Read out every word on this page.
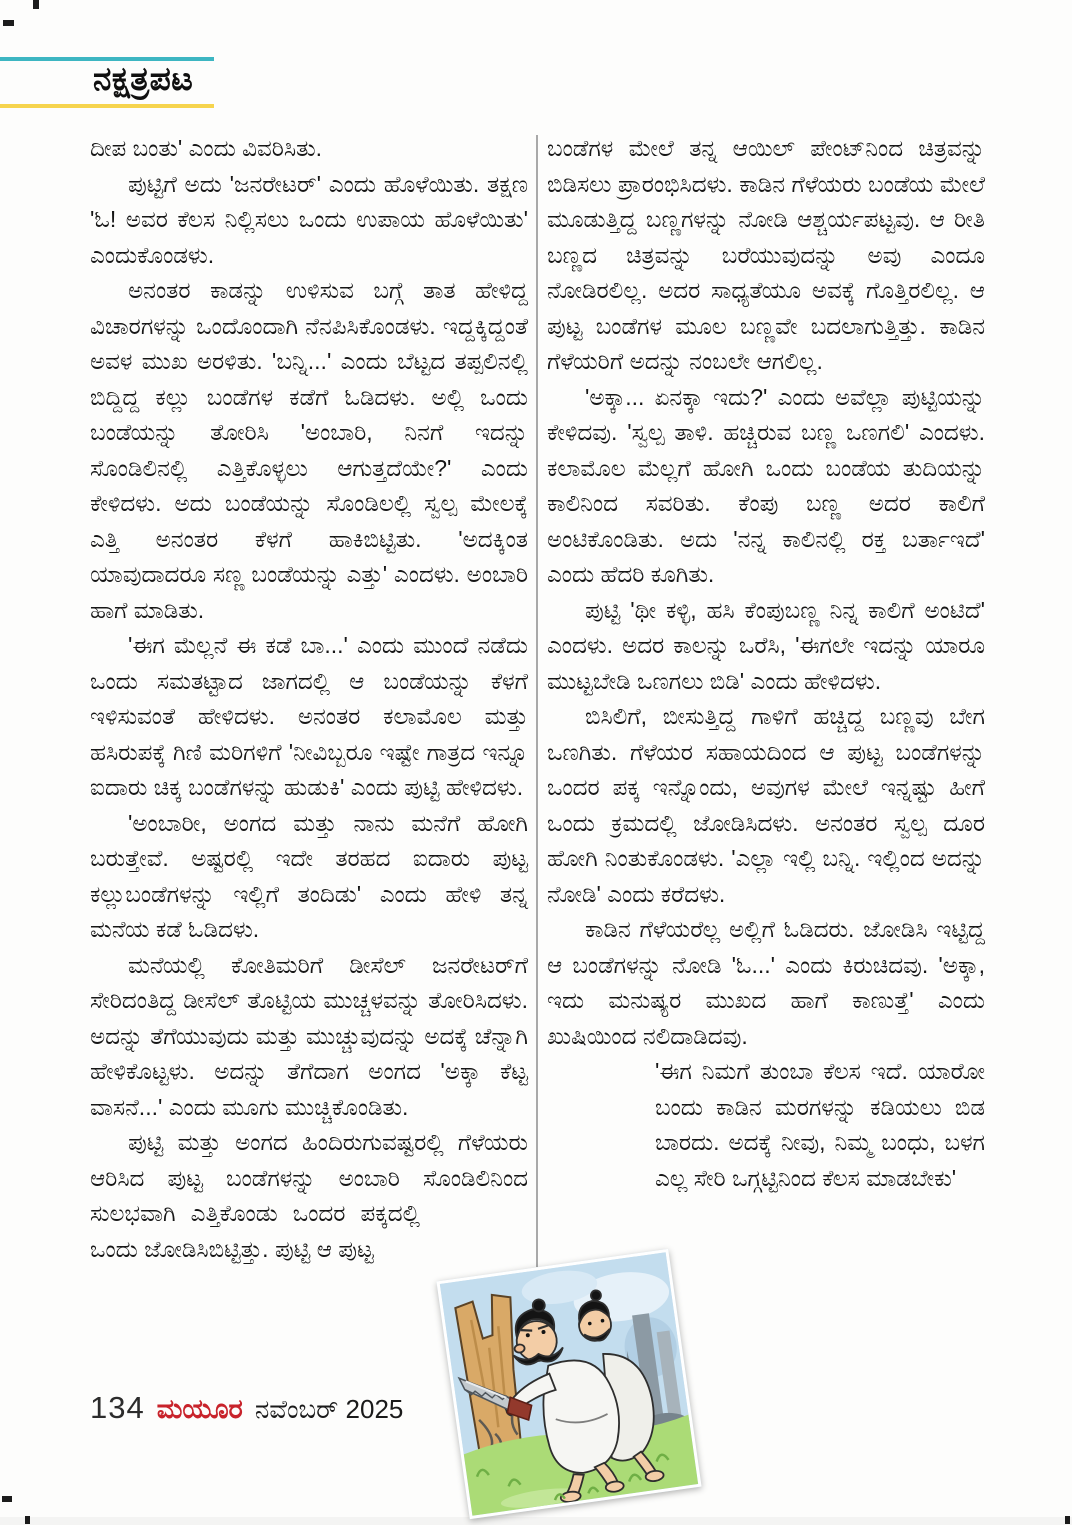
ನಕ್ಷತ್ರಪಟ

ದೀಪ ಬಂತು' ಎಂದು ವಿವರಿಸಿತು.

ಪುಟ್ಟಿಗೆ ಅದು 'ಜನರೇಟರ್' ಎಂದು ಹೊಳೆಯಿತು. ತಕ್ಷಣ 'ಓ! ಅವರ ಕೆಲಸ ನಿಲ್ಲಿಸಲು ಒಂದು ಉಪಾಯ ಹೊಳೆಯಿತು' ಎಂದುಕೊಂಡಳು.

ಅನಂತರ ಕಾಡನ್ನು ಉಳಿಸುವ ಬಗ್ಗೆ ತಾತ ಹೇಳಿದ್ದ ವಿಚಾರಗಳನ್ನು ಒಂದೊಂದಾಗಿ ನೆನಪಿಸಿಕೊಂಡಳು. ಇದ್ದಕ್ಕಿದ್ದಂತೆ ಅವಳ ಮುಖ ಅರಳಿತು. 'ಬನ್ನಿ...' ಎಂದು ಬೆಟ್ಟದ ತಪ್ಪಲಿನಲ್ಲಿ ಬಿದ್ದಿದ್ದ ಕಲ್ಲು ಬಂಡೆಗಳ ಕಡೆಗೆ ಓಡಿದಳು. ಅಲ್ಲಿ ಒಂದು ಬಂಡೆಯನ್ನು ತೋರಿಸಿ 'ಅಂಬಾರಿ, ನಿನಗೆ ಇದನ್ನು ಸೊಂಡಿಲಿನಲ್ಲಿ ಎತ್ತಿಕೊಳ್ಳಲು ಆಗುತ್ತದೆಯೇ?' ಎಂದು ಕೇಳಿದಳು. ಅದು ಬಂಡೆಯನ್ನು ಸೊಂಡಿಲಲ್ಲಿ ಸ್ವಲ್ಪ ಮೇಲಕ್ಕೆ ಎತ್ತಿ ಅನಂತರ ಕೆಳಗೆ ಹಾಕಿಬಿಟ್ಟಿತು. 'ಅದಕ್ಕಿಂತ ಯಾವುದಾದರೂ ಸಣ್ಣ ಬಂಡೆಯನ್ನು ಎತ್ತು' ಎಂದಳು. ಅಂಬಾರಿ ಹಾಗೆ ಮಾಡಿತು.

'ಈಗ ಮೆಲ್ಲನೆ ಈ ಕಡೆ ಬಾ...' ಎಂದು ಮುಂದೆ ನಡೆದು ಒಂದು ಸಮತಟ್ಟಾದ ಜಾಗದಲ್ಲಿ ಆ ಬಂಡೆಯನ್ನು ಕೆಳಗೆ ಇಳಿಸುವಂತೆ ಹೇಳಿದಳು. ಅನಂತರ ಕಲಾಮೊಲ ಮತ್ತು ಹಸಿರುಪಕ್ಕೆ ಗಿಣಿ ಮರಿಗಳಿಗೆ 'ನೀವಿಬ್ಬರೂ ಇಷ್ಟೇ ಗಾತ್ರದ ಇನ್ನೂ ಐದಾರು ಚಿಕ್ಕ ಬಂಡೆಗಳನ್ನು ಹುಡುಕಿ' ಎಂದು ಪುಟ್ಟಿ ಹೇಳಿದಳು.

'ಅಂಬಾರೀ, ಅಂಗದ ಮತ್ತು ನಾನು ಮನೆಗೆ ಹೋಗಿ ಬರುತ್ತೇವೆ. ಅಷ್ಟರಲ್ಲಿ ಇದೇ ತರಹದ ಐದಾರು ಪುಟ್ಟ ಕಲ್ಲುಬಂಡೆಗಳನ್ನು ಇಲ್ಲಿಗೆ ತಂದಿಡು' ಎಂದು ಹೇಳಿ ತನ್ನ ಮನೆಯ ಕಡೆ ಓಡಿದಳು.

ಮನೆಯಲ್ಲಿ ಕೋತಿಮರಿಗೆ ಡೀಸೆಲ್ ಜನರೇಟರ್‌ಗೆ ಸೇರಿದಂತಿದ್ದ ಡೀಸೆಲ್ ತೊಟ್ಟಿಯ ಮುಚ್ಚಳವನ್ನು ತೋರಿಸಿದಳು. ಅದನ್ನು ತೆಗೆಯುವುದು ಮತ್ತು ಮುಚ್ಚುವುದನ್ನು ಅದಕ್ಕೆ ಚೆನ್ನಾಗಿ ಹೇಳಿಕೊಟ್ಟಳು. ಅದನ್ನು ತೆಗೆದಾಗ ಅಂಗದ 'ಅಕ್ಕಾ ಕೆಟ್ಟ ವಾಸನೆ...' ಎಂದು ಮೂಗು ಮುಚ್ಚಿಕೊಂಡಿತು.

ಪುಟ್ಟಿ ಮತ್ತು ಅಂಗದ ಹಿಂದಿರುಗುವಷ್ಟರಲ್ಲಿ ಗೆಳೆಯರು ಆರಿಸಿದ ಪುಟ್ಟ ಬಂಡೆಗಳನ್ನು ಅಂಬಾರಿ ಸೊಂಡಿಲಿನಿಂದ ಸುಲಭವಾಗಿ ಎತ್ತಿಕೊಂಡು ಒಂದರ ಪಕ್ಕದಲ್ಲಿ ಒಂದು ಜೋಡಿಸಿಬಿಟ್ಟಿತ್ತು. ಪುಟ್ಟಿ ಆ ಪುಟ್ಟ

ಬಂಡೆಗಳ ಮೇಲೆ ತನ್ನ ಆಯಿಲ್ ಪೇಂಟ್‌ನಿಂದ ಚಿತ್ರವನ್ನು ಬಿಡಿಸಲು ಪ್ರಾರಂಭಿಸಿದಳು. ಕಾಡಿನ ಗೆಳೆಯರು ಬಂಡೆಯ ಮೇಲೆ ಮೂಡುತ್ತಿದ್ದ ಬಣ್ಣಗಳನ್ನು ನೋಡಿ ಆಶ್ಚರ್ಯಪಟ್ಟವು. ಆ ರೀತಿ ಬಣ್ಣದ ಚಿತ್ರವನ್ನು ಬರೆಯುವುದನ್ನು ಅವು ಎಂದೂ ನೋಡಿರಲಿಲ್ಲ. ಅದರ ಸಾಧ್ಯತೆಯೂ ಅವಕ್ಕೆ ಗೊತ್ತಿರಲಿಲ್ಲ. ಆ ಪುಟ್ಟ ಬಂಡೆಗಳ ಮೂಲ ಬಣ್ಣವೇ ಬದಲಾಗುತ್ತಿತ್ತು. ಕಾಡಿನ ಗೆಳೆಯರಿಗೆ ಅದನ್ನು ನಂಬಲೇ ಆಗಲಿಲ್ಲ.

'ಅಕ್ಕಾ... ಏನಕ್ಕಾ ಇದು?' ಎಂದು ಅವೆಲ್ಲಾ ಪುಟ್ಟಿಯನ್ನು ಕೇಳಿದವು. 'ಸ್ವಲ್ಪ ತಾಳಿ. ಹಚ್ಚಿರುವ ಬಣ್ಣ ಒಣಗಲಿ' ಎಂದಳು. ಕಲಾಮೊಲ ಮೆಲ್ಲಗೆ ಹೋಗಿ ಒಂದು ಬಂಡೆಯ ತುದಿಯನ್ನು ಕಾಲಿನಿಂದ ಸವರಿತು. ಕೆಂಪು ಬಣ್ಣ ಅದರ ಕಾಲಿಗೆ ಅಂಟಿಕೊಂಡಿತು. ಅದು 'ನನ್ನ ಕಾಲಿನಲ್ಲಿ ರಕ್ತ ಬರ್ತಾಇದೆ' ಎಂದು ಹೆದರಿ ಕೂಗಿತು.

ಪುಟ್ಟಿ 'ಥೀ ಕಳ್ಳಿ, ಹಸಿ ಕೆಂಪುಬಣ್ಣ ನಿನ್ನ ಕಾಲಿಗೆ ಅಂಟಿದೆ' ಎಂದಳು. ಅದರ ಕಾಲನ್ನು ಒರೆಸಿ, 'ಈಗಲೇ ಇದನ್ನು ಯಾರೂ ಮುಟ್ಟಬೇಡಿ ಒಣಗಲು ಬಿಡಿ' ಎಂದು ಹೇಳಿದಳು.

ಬಿಸಿಲಿಗೆ, ಬೀಸುತ್ತಿದ್ದ ಗಾಳಿಗೆ ಹಚ್ಚಿದ್ದ ಬಣ್ಣವು ಬೇಗ ಒಣಗಿತು. ಗೆಳೆಯರ ಸಹಾಯದಿಂದ ಆ ಪುಟ್ಟ ಬಂಡೆಗಳನ್ನು ಒಂದರ ಪಕ್ಕ ಇನ್ನೊಂದು, ಅವುಗಳ ಮೇಲೆ ಇನ್ನಷ್ಟು ಹೀಗೆ ಒಂದು ಕ್ರಮದಲ್ಲಿ ಜೋಡಿಸಿದಳು. ಅನಂತರ ಸ್ವಲ್ಪ ದೂರ ಹೋಗಿ ನಿಂತುಕೊಂಡಳು. 'ಎಲ್ಲಾ ಇಲ್ಲಿ ಬನ್ನಿ. ಇಲ್ಲಿಂದ ಅದನ್ನು ನೋಡಿ' ಎಂದು ಕರೆದಳು.

ಕಾಡಿನ ಗೆಳೆಯರೆಲ್ಲ ಅಲ್ಲಿಗೆ ಓಡಿದರು. ಜೋಡಿಸಿ ಇಟ್ಟಿದ್ದ ಆ ಬಂಡೆಗಳನ್ನು ನೋಡಿ 'ಓ...' ಎಂದು ಕಿರುಚಿದವು. 'ಅಕ್ಕಾ, ಇದು ಮನುಷ್ಯರ ಮುಖದ ಹಾಗೆ ಕಾಣುತ್ತೆ' ಎಂದು ಖುಷಿಯಿಂದ ನಲಿದಾಡಿದವು.

'ಈಗ ನಿಮಗೆ ತುಂಬಾ ಕೆಲಸ ಇದೆ. ಯಾರೋ ಬಂದು ಕಾಡಿನ ಮರಗಳನ್ನು ಕಡಿಯಲು ಬಿಡ ಬಾರದು. ಅದಕ್ಕೆ ನೀವು, ನಿಮ್ಮ ಬಂಧು, ಬಳಗ ಎಲ್ಲ ಸೇರಿ ಒಗ್ಗಟ್ಟಿನಿಂದ ಕೆಲಸ ಮಾಡಬೇಕು'

134 ಮಯೂರ ನವೆಂಬರ್ 2025
